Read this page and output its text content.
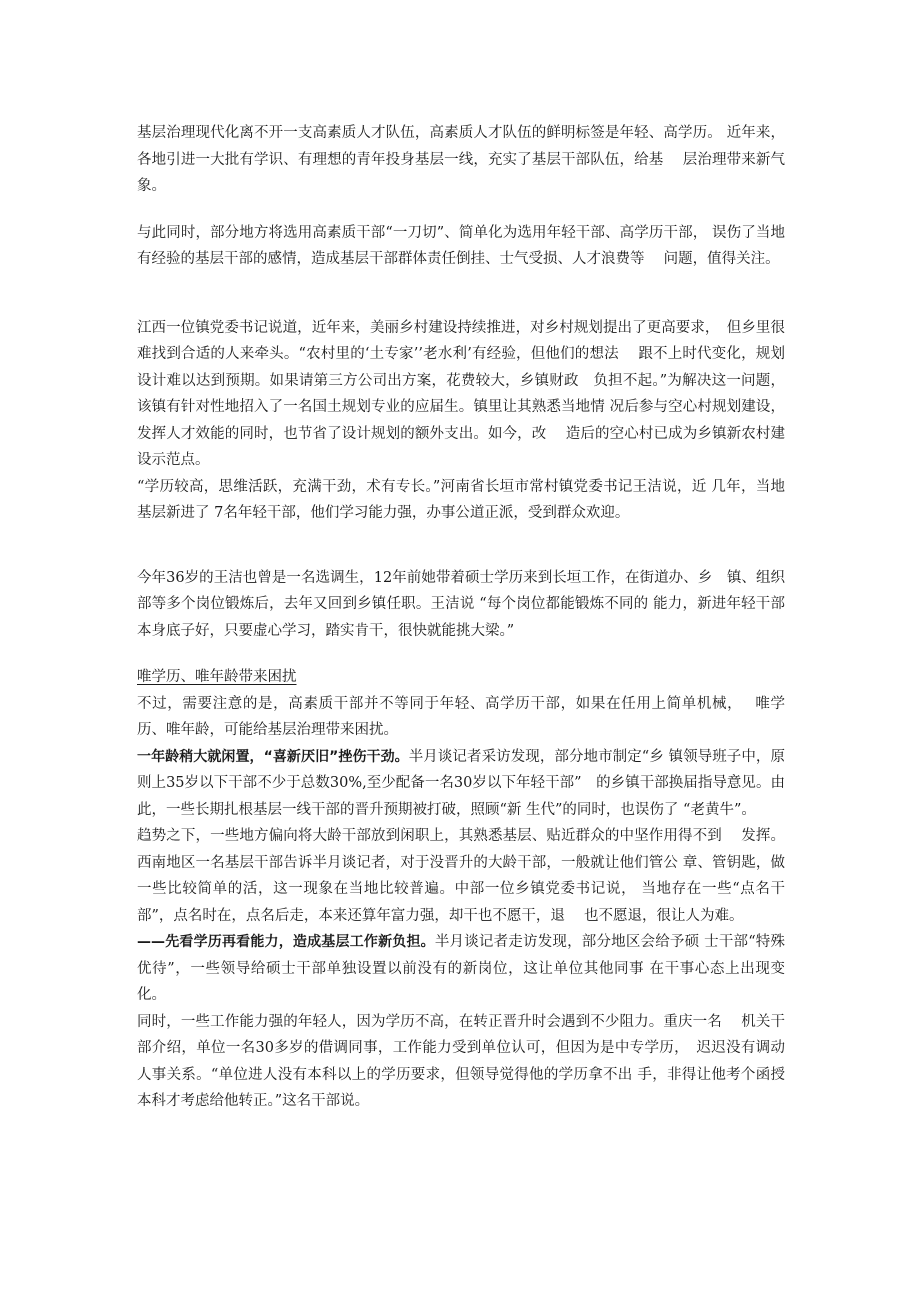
基层治理现代化离不开一支高素质人才队伍，高素质人才队伍的鲜明标签是年轻、高学历。 近年来，各地引进一大批有学识、有理想的青年投身基层一线，充实了基层干部队伍，给基　 层治理带来新气象。

与此同时，部分地方将选用高素质干部“一刀切”、简单化为选用年轻干部、高学历干部， 误伤了当地有经验的基层干部的感情，造成基层干部群体责任倒挂、士气受损、人才浪费等　 问题，值得关注。

江西一位镇党委书记说道，近年来，美丽乡村建设持续推进，对乡村规划提出了更高要求，　但乡里很难找到合适的人来牵头。“农村里的‘土专家’’老水利’有经验，但他们的想法　 跟不上时代变化，规划设计难以达到预期。如果请第三方公司出方案，花费较大，乡镇财政　负担不起。”为解决这一问题，该镇有针对性地招入了一名国土规划专业的应届生。镇里让其熟悉当地情 况后参与空心村规划建设，发挥人才效能的同时，也节省了设计规划的额外支出。如今，改　 造后的空心村已成为乡镇新农村建设示范点。

“学历较高，思维活跃，充满干劲，术有专长。”河南省长垣市常村镇党委书记王洁说，近 几年，当地基层新进了 7名年轻干部，他们学习能力强，办事公道正派，受到群众欢迎。

今年36岁的王洁也曾是一名选调生，12年前她带着硕士学历来到长垣工作，在街道办、乡　镇、组织部等多个岗位锻炼后，去年又回到乡镇任职。王洁说 “每个岗位都能锻炼不同的 能力，新进年轻干部本身底子好，只要虚心学习，踏实肯干，很快就能挑大梁。”

唯学历、唯年龄带来困扰

不过，需要注意的是，高素质干部并不等同于年轻、高学历干部，如果在任用上简单机械，　 唯学历、唯年龄，可能给基层治理带来困扰。

一年龄稍大就闲置，“喜新厌旧”挫伤干劲。半月谈记者采访发现，部分地市制定“乡 镇领导班子中，原则上35岁以下干部不少于总数30%,至少配备一名30岁以下年轻干部”　的乡镇干部换届指导意见。由此，一些长期扎根基层一线干部的晋升预期被打破，照顾“新 生代”的同时，也误伤了 “老黄牛”。

趋势之下，一些地方偏向将大龄干部放到闲职上，其熟悉基层、贴近群众的中坚作用得不到　 发挥。西南地区一名基层干部告诉半月谈记者，对于没晋升的大龄干部，一般就让他们管公 章、管钥匙，做一些比较简单的活，这一现象在当地比较普遍。中部一位乡镇党委书记说， 当地存在一些“点名干部”，点名时在，点名后走，本来还算年富力强，却干也不愿干，退　 也不愿退，很让人为难。

——先看学历再看能力，造成基层工作新负担。半月谈记者走访发现，部分地区会给予硕 士干部“特殊优待”，一些领导给硕士干部单独设置以前没有的新岗位，这让单位其他同事 在干事心态上出现变化。

同时，一些工作能力强的年轻人，因为学历不高，在转正晋升时会遇到不少阻力。重庆一名　 机关干部介绍，单位一名30多岁的借调同事，工作能力受到单位认可，但因为是中专学历，　迟迟没有调动人事关系。“单位进人没有本科以上的学历要求，但领导觉得他的学历拿不出 手，非得让他考个函授本科才考虑给他转正。”这名干部说。
